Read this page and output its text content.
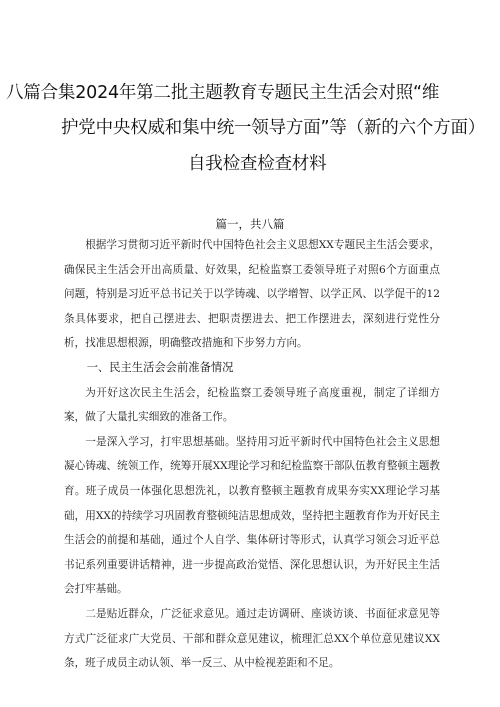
八篇合集2024年第二批主题教育专题民主生活会对照“维
护党中央权威和集中统一领导方面”等（新的六个方面）
自我检查检查材料
篇一，共八篇

根据学习贯彻习近平新时代中国特色社会主义思想XX专题民主生活会要求，确保民主生活会开出高质量、好效果，纪检监察工委领导班子对照6个方面重点问题，特别是习近平总书记关于以学铸魂、以学增智、以学正风、以学促干的12条具体要求，把自己摆进去、把职责摆进去、把工作摆进去，深刻进行党性分析，找准思想根源，明确整改措施和下步努力方向。

一、民主生活会会前准备情况

为开好这次民主生活会，纪检监察工委领导班子高度重视，制定了详细方案，做了大量扎实细致的准备工作。

一是深入学习，打牢思想基础。坚持用习近平新时代中国特色社会主义思想凝心铸魂、统领工作，统筹开展XX理论学习和纪检监察干部队伍教育整顿主题教育。班子成员一体强化思想洗礼，以教育整顿主题教育成果夯实XX理论学习基础，用XX的持续学习巩固教育整顿纯洁思想成效，坚持把主题教育作为开好民主生活会的前提和基础，通过个人自学、集体研讨等形式，认真学习领会习近平总书记系列重要讲话精神，进一步提高政治觉悟、深化思想认识，为开好民主生活会打牢基础。

二是贴近群众，广泛征求意见。通过走访调研、座谈访谈、书面征求意见等方式广泛征求广大党员、干部和群众意见建议，梳理汇总XX个单位意见建议XX条，班子成员主动认领、举一反三、从中检视差距和不足。
